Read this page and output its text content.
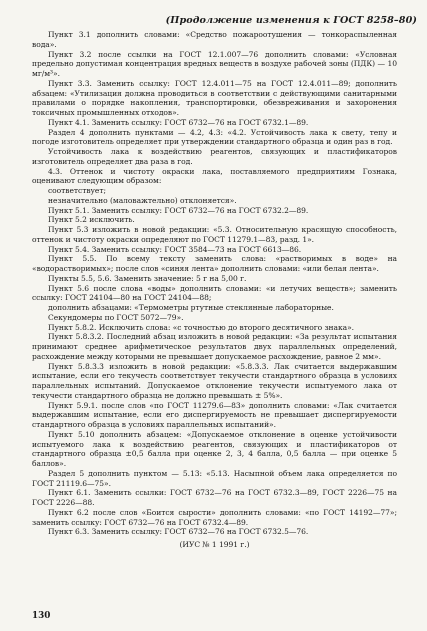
(Продолжение изменения к ГОСТ 8258–80)

Пункт 3.1 дополнить словами: «Средство пожароотушения — тонкораспыленная вода».

Пункт 3.2 после ссылки на ГОСТ 12.1.007—76 дополнить словами: «Условная предельно допустимая концентрация вредных веществ в воздухе рабочей зоны (ПДК) — 10 мг/м³».

Пункт 3.3. Заменить ссылку: ГОСТ 12.4.011—75 на ГОСТ 12.4.011—89; дополнить абзацем: «Утилизация должна проводиться в соответствии с действующими санитарными правилами о порядке накопления, транспортировки, обезвреживания и захоронения токсичных промышленных отходов».

Пункт 4.1. Заменить ссылку: ГОСТ 6732—76 на ГОСТ 6732.1—89.

Раздел 4 дополнить пунктами — 4.2, 4.3: «4.2. Устойчивость лака к свету, тепу и погоде изготовитель определяет при утверждении стандартного образца и один раз в год.

Устойчивость лака к воздействию реагентов, связующих и пластификаторов изготовитель определяет два раза в год.

4.3. Оттенок и чистоту окраски лака, поставляемого предприятиям Гознака, оценивают следующим образом:

соответствует;

незначительно (маловажтельно) отклоняется».

Пункт 5.1. Заменить ссылку: ГОСТ 6732—76 на ГОСТ 6732.2—89.

Пункт 5.2 исключить.

Пункт 5.3 изложить в новой редакции: «5.3. Относительную красящую способность, оттенок и чистоту окраски определяют по ГОСТ 11279.1—83, разд. 1».

Пункт 5.4. Заменить ссылку: ГОСТ 3584—73 на ГОСТ 6613—86.

Пункт 5.5. По всему тексту заменить слова: «растворимых в воде» на «водорастворимых»; после слов «синяя лента» дополнить словами: «или белая лента».

Пункты 5.5, 5.6. Заменить значение: 5 г на 5,00 г.

Пункт 5.6 после слова «воды» дополнить словами: «и летучих веществ»; заменить ссылку: ГОСТ 24104—80 на ГОСТ 24104—88;

дополнить абзацами: «Термометры ртутные стеклянные лабораторные.

Секундомеры по ГОСТ 5072—79».

Пункт 5.8.2. Исключить слова: «с точностью до второго десятичного знака».

Пункт 5.8.3.2. Последний абзац изложить в новой редакции: «За результат испытания принимают среднее арифметическое результатов двух параллельных определений, расхождение между которыми не превышает допускаемое расхождение, равное 2 мм».

Пункт 5.8.3.3 изложить в новой редакции: «5.8.3.3. Лак считается выдержавшим испытание, если его текучесть соответствует текучести стандартного образца в условиях параллельных испытаний. Допускаемое отклонение текучести испытуемого лака от текучести стандартного образца не должно превышать ± 5%».

Пункт 5.9.1. после слов «по ГОСТ 11279.6—83» дополнить словами: «Лак считается выдержавшим испытание, если его диспергируемость не превышает диспергируемости стандартного образца в условиях параллельных испытаний».

Пункт 5.10 дополнить абзацем: «Допускаемое отклонение в оценке устойчивости испытуемого лака к воздействию реагентов, связующих и пластификаторов от стандартного образца ±0,5 балла при оценке 2, 3, 4 балла, 0,5 балла — при оценке 5 баллов».

Раздел 5 дополнить пунктом — 5.13: «5.13. Насыпной объем лака определяется по ГОСТ 21119.6—75».

Пункт 6.1. Заменить ссылки: ГОСТ 6732—76 на ГОСТ 6732.3—89, ГОСТ 2226—75 на ГОСТ 2226—88.

Пункт 6.2 после слов «Боится сырости» дополнить словами: «по ГОСТ 14192—77»; заменить ссылку: ГОСТ 6732—76 на ГОСТ 6732.4—89.

Пункт 6.3. Заменить ссылку: ГОСТ 6732—76 на ГОСТ 6732.5—76.

(ИУС № 1 1991 г.)

130
